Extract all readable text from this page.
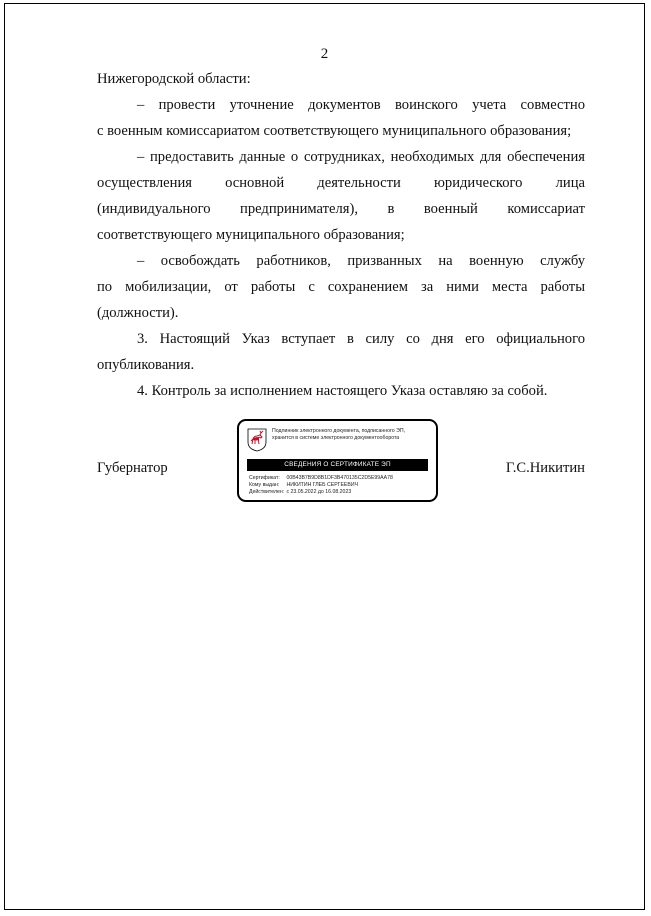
2
Нижегородской области:
– провести уточнение документов воинского учета совместно
с военным комиссариатом соответствующего муниципального образования;
– предоставить данные о сотрудниках, необходимых для обеспечения
осуществления основной деятельности юридического лица
(индивидуального предпринимателя), в военный комиссариат
соответствующего муниципального образования;
– освобождать работников, призванных на военную службу
по мобилизации, от работы с сохранением за ними места работы
(должности).
3. Настоящий Указ вступает в силу со дня его официального
опубликования.
4. Контроль за исполнением настоящего Указа оставляю за собой.
Губернатор	Г.С.Никитин
Подлинник электронного документа, подписанного ЭП,
хранится в системе электронного документооборота
СВЕДЕНИЯ О СЕРТИФИКАТЕ ЭП
Сертификат: 00B43B7B9D8B1DF3B470135C2D5E99AA78
Кому выдан: НИКИТИН ГЛЕБ СЕРГЕЕВИЧ
Действителен: с 23.05.2022 до 16.08.2023
